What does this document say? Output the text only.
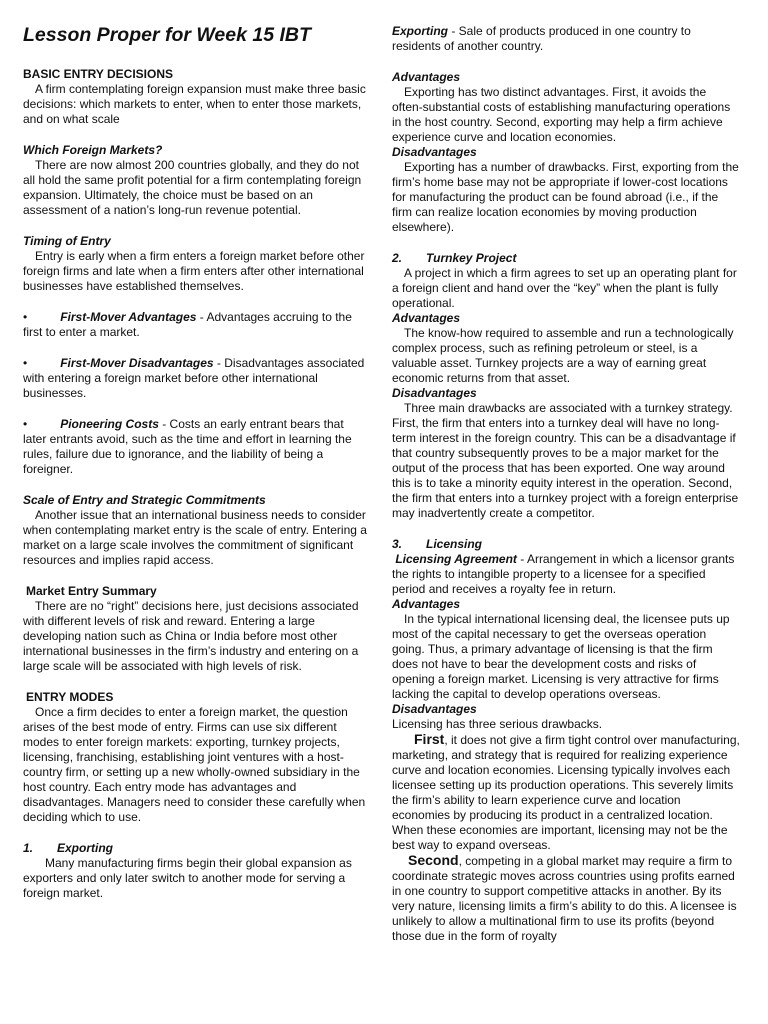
Lesson Proper for Week 15 IBT
BASIC ENTRY DECISIONS

A firm contemplating foreign expansion must make three basic decisions: which markets to enter, when to enter those markets, and on what scale

Which Foreign Markets?

There are now almost 200 countries globally, and they do not all hold the same profit potential for a firm contemplating foreign expansion. Ultimately, the choice must be based on an assessment of a nation’s long-run revenue potential.

Timing of Entry

Entry is early when a firm enters a foreign market before other foreign firms and late when a firm enters after other international businesses have established themselves.

•	First-Mover Advantages - Advantages accruing to the first to enter a market.

•	First-Mover Disadvantages - Disadvantages associated with entering a foreign market before other international businesses.

•	Pioneering Costs - Costs an early entrant bears that later entrants avoid, such as the time and effort in learning the rules, failure due to ignorance, and the liability of being a foreigner.

Scale of Entry and Strategic Commitments

Another issue that an international business needs to consider when contemplating market entry is the scale of entry. Entering a market on a large scale involves the commitment of significant resources and implies rapid access.

Market Entry Summary

There are no “right” decisions here, just decisions associated with different levels of risk and reward. Entering a large developing nation such as China or India before most other international businesses in the firm’s industry and entering on a large scale will be associated with high levels of risk.

ENTRY MODES

Once a firm decides to enter a foreign market, the question arises of the best mode of entry. Firms can use six different modes to enter foreign markets: exporting, turnkey projects, licensing, franchising, establishing joint ventures with a host-country firm, or setting up a new wholly-owned subsidiary in the host country. Each entry mode has advantages and disadvantages. Managers need to consider these carefully when deciding which to use.

1. Exporting

Many manufacturing firms begin their global expansion as exporters and only later switch to another mode for serving a foreign market.

Exporting - Sale of products produced in one country to residents of another country.

Advantages

Exporting has two distinct advantages. First, it avoids the often-substantial costs of establishing manufacturing operations in the host country. Second, exporting may help a firm achieve experience curve and location economies.

Disadvantages

Exporting has a number of drawbacks. First, exporting from the firm’s home base may not be appropriate if lower-cost locations for manufacturing the product can be found abroad (i.e., if the firm can realize location economies by moving production elsewhere).

2. Turnkey Project

A project in which a firm agrees to set up an operating plant for a foreign client and hand over the “key” when the plant is fully operational.

Advantages

The know-how required to assemble and run a technologically complex process, such as refining petroleum or steel, is a valuable asset. Turnkey projects are a way of earning great economic returns from that asset.

Disadvantages

Three main drawbacks are associated with a turnkey strategy. First, the firm that enters into a turnkey deal will have no long-term interest in the foreign country. This can be a disadvantage if that country subsequently proves to be a major market for the output of the process that has been exported. One way around this is to take a minority equity interest in the operation. Second, the firm that enters into a turnkey project with a foreign enterprise may inadvertently create a competitor.

3. Licensing

Licensing Agreement - Arrangement in which a licensor grants the rights to intangible property to a licensee for a specified period and receives a royalty fee in return.

Advantages

In the typical international licensing deal, the licensee puts up most of the capital necessary to get the overseas operation going. Thus, a primary advantage of licensing is that the firm does not have to bear the development costs and risks of opening a foreign market. Licensing is very attractive for firms lacking the capital to develop operations overseas.

Disadvantages

Licensing has three serious drawbacks.

First, it does not give a firm tight control over manufacturing, marketing, and strategy that is required for realizing experience curve and location economies. Licensing typically involves each licensee setting up its production operations. This severely limits the firm’s ability to learn experience curve and location economies by producing its product in a centralized location. When these economies are important, licensing may not be the best way to expand overseas.

Second, competing in a global market may require a firm to coordinate strategic moves across countries using profits earned in one country to support competitive attacks in another. By its very nature, licensing limits a firm’s ability to do this. A licensee is unlikely to allow a multinational firm to use its profits (beyond those due in the form of royalty
